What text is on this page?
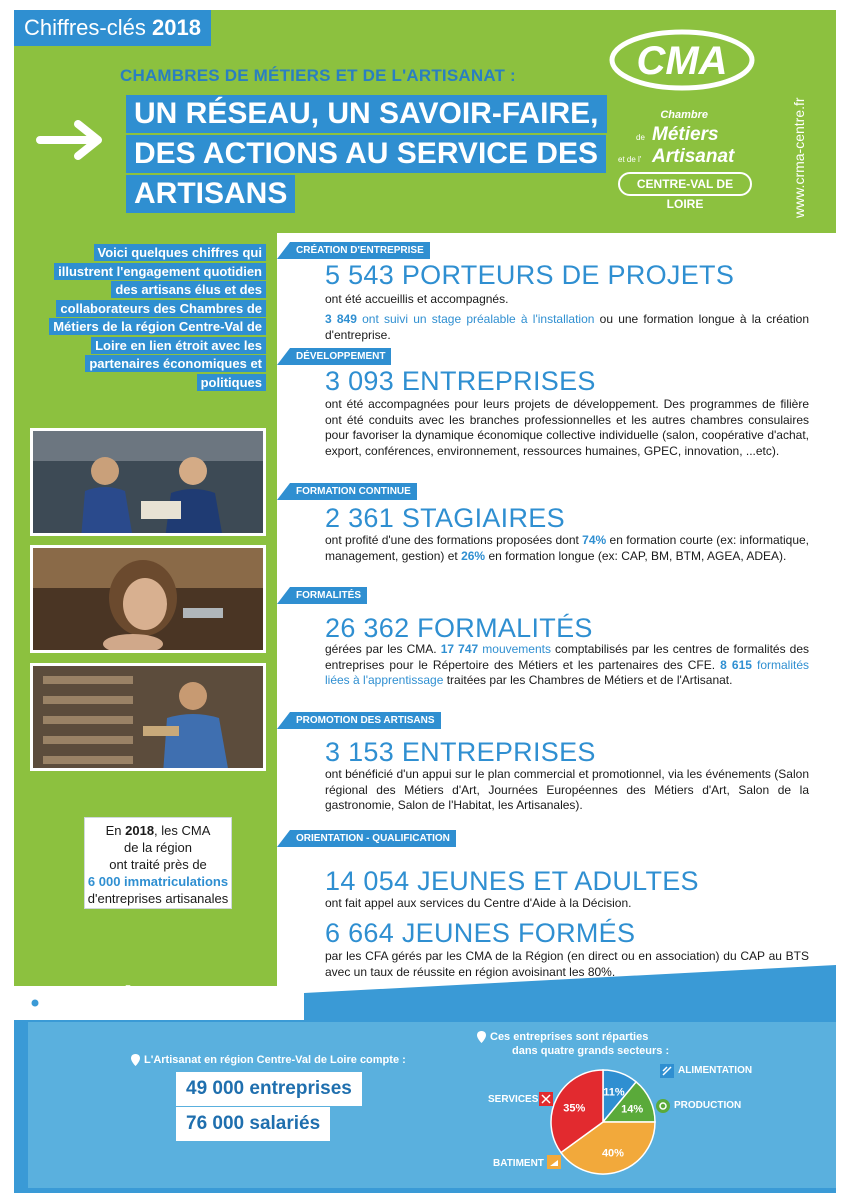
Chiffres-clés 2018
CHAMBRES DE MÉTIERS ET DE L'ARTISANAT :
UN RÉSEAU, UN SAVOIR-FAIRE,
DES ACTIONS AU SERVICE DES
ARTISANS
CMA
Chambre
de Métiers
et de l' Artisanat
CENTRE-VAL DE LOIRE	www.crma-centre.fr
Voici quelques chiffres qui illustrent l'engagement quotidien des artisans élus et des collaborateurs des Chambres de Métiers de la région Centre-Val de Loire en lien étroit avec les partenaires économiques et politiques
En 2018, les CMA
de la région
ont traité près de
6 000 immatriculations
d'entreprises artisanales
CRÉATION D'ENTREPRISE
5 543 PORTEURS DE PROJETS
ont été accueillis et accompagnés.
3 849 ont suivi un stage préalable à l'installation ou une formation longue à la création d'entreprise.
DÉVELOPPEMENT
3 093 ENTREPRISES
ont été accompagnées pour leurs projets de développement. Des programmes de filière ont été conduits avec les branches professionnelles et les autres chambres consulaires pour favoriser la dynamique économique collective individuelle (salon, coopérative d'achat, export, conférences, environnement, ressources humaines, GPEC, innovation, ...etc).
FORMATION CONTINUE
2 361 STAGIAIRES
ont profité d'une des formations proposées dont 74% en formation courte (ex: informatique, management, gestion) et 26% en formation longue (ex: CAP, BM, BTM, AGEA, ADEA).
FORMALITÉS
26 362 FORMALITÉS
gérées par les CMA. 17 747 mouvements comptabilisés par les centres de formalités des entreprises pour le Répertoire des Métiers et les partenaires des CFE. 8 615 formalités liées à l'apprentissage traitées par les Chambres de Métiers et de l'Artisanat.
PROMOTION DES ARTISANS
3 153 ENTREPRISES
ont bénéficié d'un appui sur le plan commercial et promotionnel, via les événements (Salon régional des Métiers d'Art, Journées Européennes des Métiers d'Art, Salon de la gastronomie, Salon de l'Habitat, les Artisanales).
ORIENTATION - QUALIFICATION
14 054 JEUNES ET ADULTES
ont fait appel aux services du Centre d'Aide à la Décision.
6 664 JEUNES FORMÉS
par les CFA gérés par les CMA de la Région (en direct ou en association) du CAP au BTS avec un taux de réussite en région avoisinant les 80%.
REPÈRES
L'Artisanat en région Centre-Val de Loire compte :
49 000 entreprises
76 000 salariés
Ces entreprises sont réparties
dans quatre grands secteurs :
11%
14%
40%
35%
ALIMENTATION
PRODUCTION
BATIMENT
SERVICES
